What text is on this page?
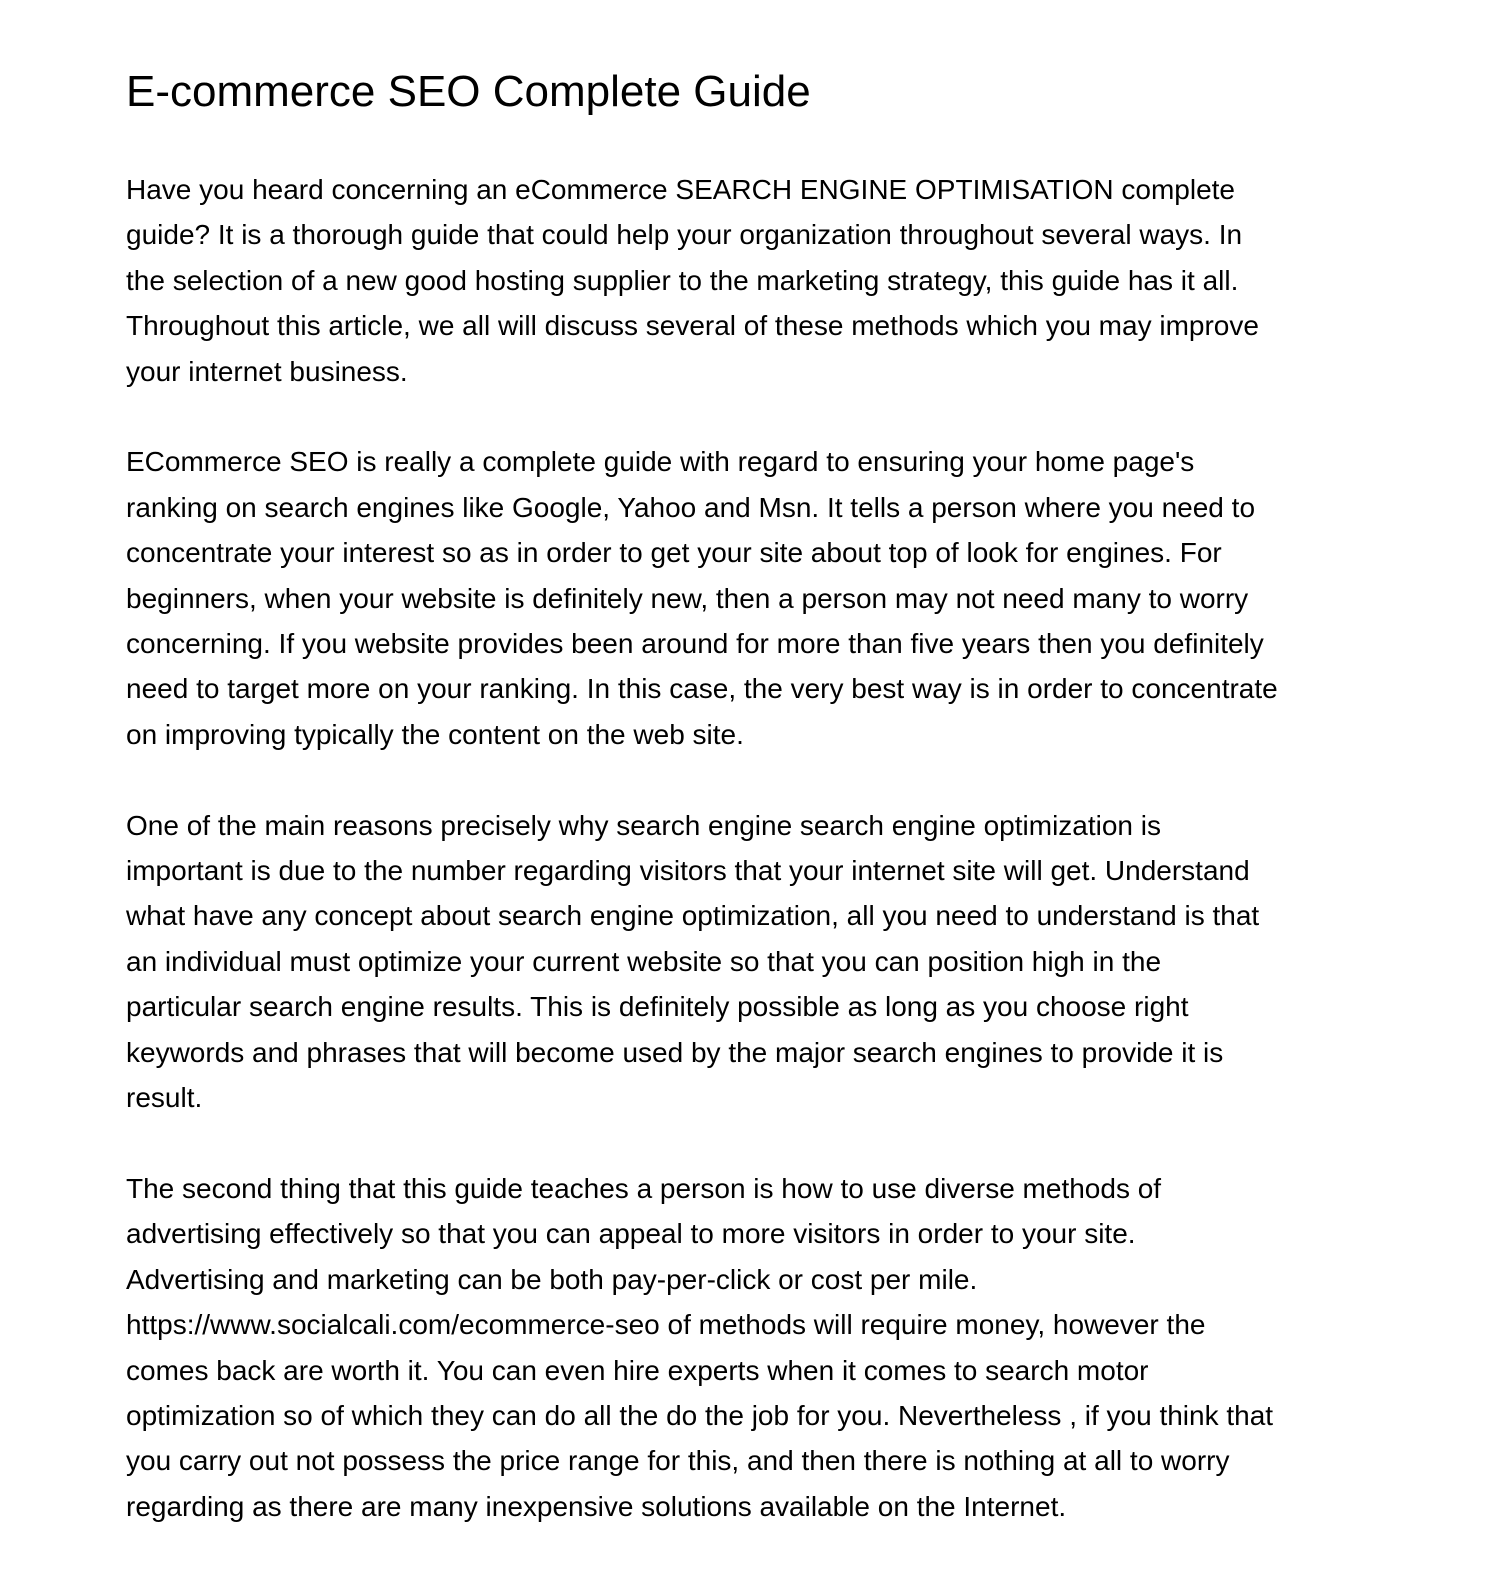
E-commerce SEO Complete Guide
Have you heard concerning an eCommerce SEARCH ENGINE OPTIMISATION complete
guide? It is a thorough guide that could help your organization throughout several ways. In
the selection of a new good hosting supplier to the marketing strategy, this guide has it all.
Throughout this article, we all will discuss several of these methods which you may improve
your internet business.
ECommerce SEO is really a complete guide with regard to ensuring your home page's
ranking on search engines like Google, Yahoo and Msn. It tells a person where you need to
concentrate your interest so as in order to get your site about top of look for engines. For
beginners, when your website is definitely new, then a person may not need many to worry
concerning. If you website provides been around for more than five years then you definitely
need to target more on your ranking. In this case, the very best way is in order to concentrate
on improving typically the content on the web site.
One of the main reasons precisely why search engine search engine optimization is
important is due to the number regarding visitors that your internet site will get. Understand
what have any concept about search engine optimization, all you need to understand is that
an individual must optimize your current website so that you can position high in the
particular search engine results. This is definitely possible as long as you choose right
keywords and phrases that will become used by the major search engines to provide it is
result.
The second thing that this guide teaches a person is how to use diverse methods of
advertising effectively so that you can appeal to more visitors in order to your site.
Advertising and marketing can be both pay-per-click or cost per mile.
https://www.socialcali.com/ecommerce-seo of methods will require money, however the
comes back are worth it. You can even hire experts when it comes to search motor
optimization so of which they can do all the do the job for you. Nevertheless , if you think that
you carry out not possess the price range for this, and then there is nothing at all to worry
regarding as there are many inexpensive solutions available on the Internet.
